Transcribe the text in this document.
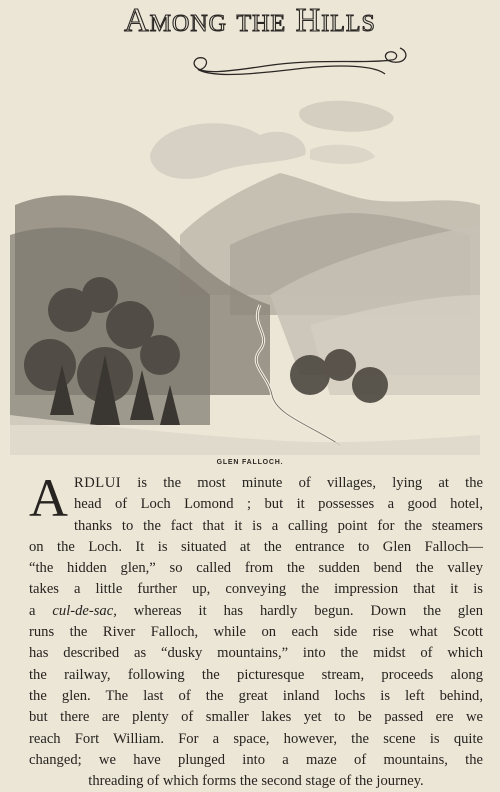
Among the Hills
GLEN FALLOCH.
A RDLUI is the most minute of villages, lying at the
head of Loch Lomond ; but it possesses a good hotel,
thanks to the fact that it is a calling point for the steamers
on the Loch. It is situated at the entrance to Glen Falloch—
“the hidden glen,” so called from the sudden bend the valley
takes a little further up, conveying the impression that it is
a cul-de-sac, whereas it has hardly begun. Down the glen
runs the River Falloch, while on each side rise what Scott
has described as “dusky mountains,” into the midst of which
the railway, following the picturesque stream, proceeds along
the glen. The last of the great inland lochs is left behind,
but there are plenty of smaller lakes yet to be passed ere we
reach Fort William. For a space, however, the scene is quite
changed; we have plunged into a maze of mountains, the
threading of which forms the second stage of the journey.
